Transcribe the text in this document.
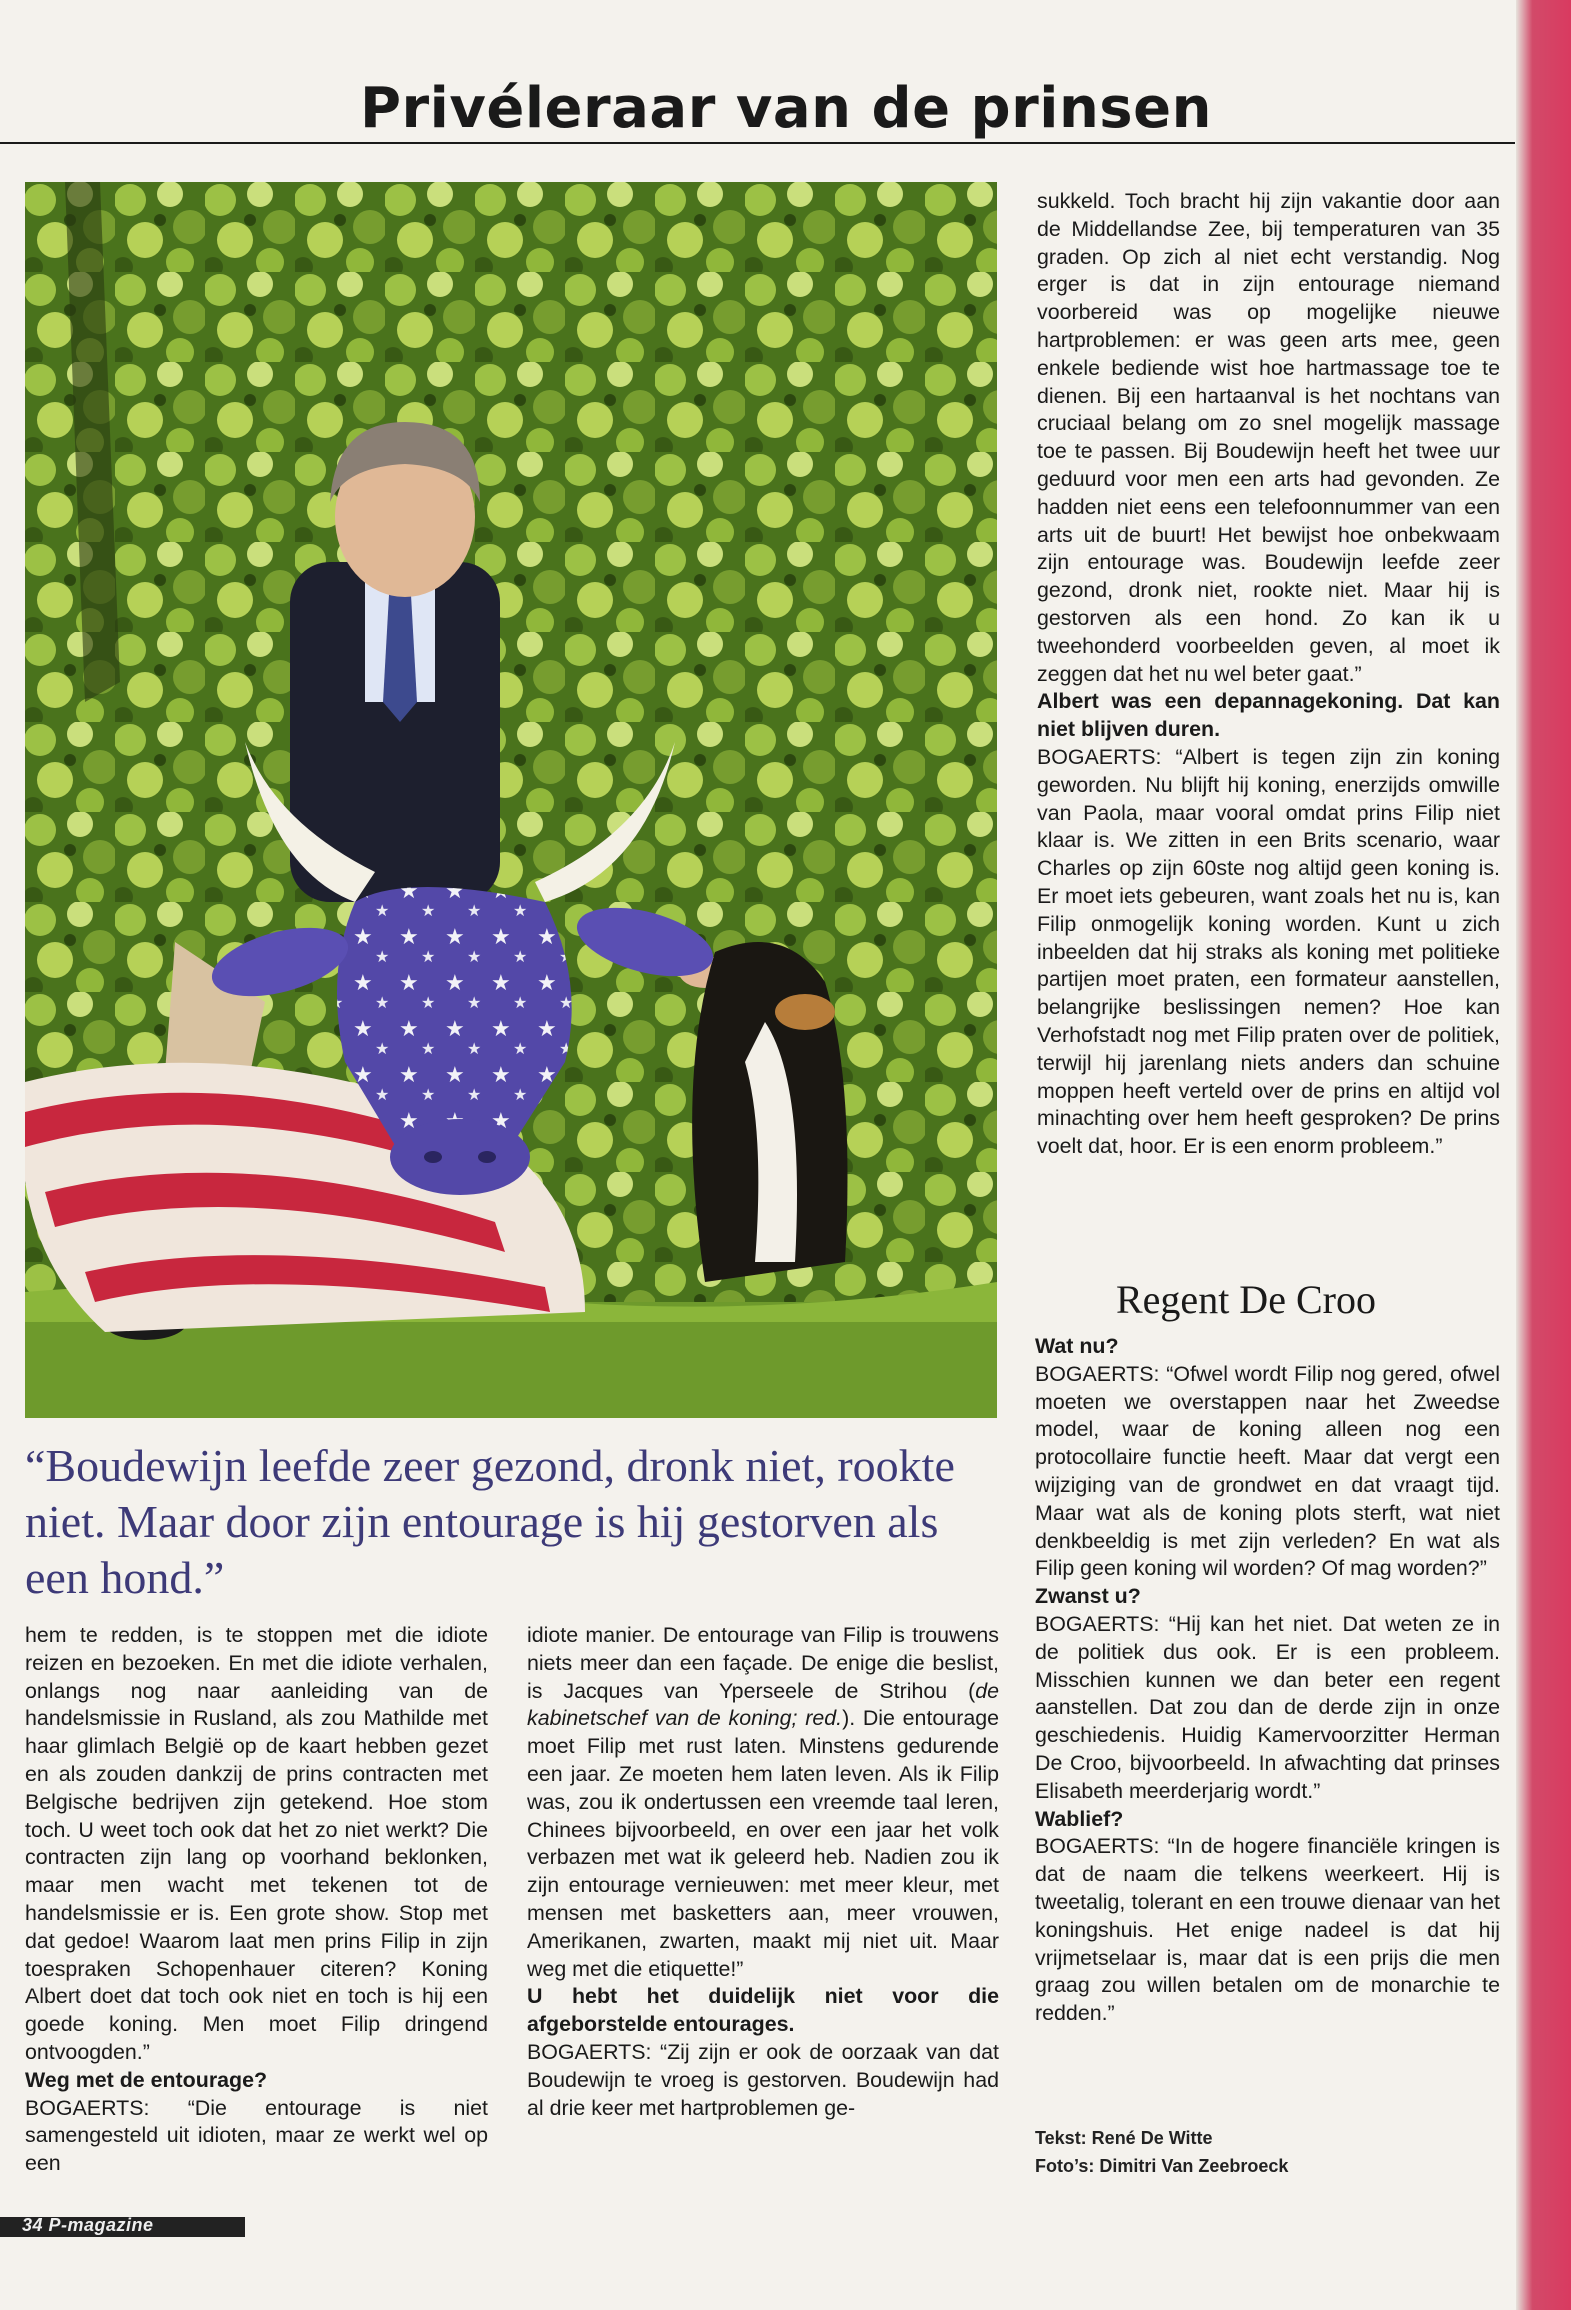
Privéleraar van de prinsen
“Boudewijn leefde zeer gezond, dronk niet, rookte niet. Maar door zijn entourage is hij gestorven als een hond.”

hem te redden, is te stoppen met die idiote reizen en bezoeken. En met die idiote verhalen, onlangs nog naar aanleiding van de handelsmissie in Rusland, als zou Mathilde met haar glimlach België op de kaart hebben gezet en als zouden dankzij de prins contracten met Belgische bedrijven zijn getekend. Hoe stom toch. U weet toch ook dat het zo niet werkt? Die contracten zijn lang op voorhand beklonken, maar men wacht met tekenen tot de handelsmissie er is. Een grote show. Stop met dat gedoe! Waarom laat men prins Filip in zijn toespraken Schopenhauer citeren? Koning Albert doet dat toch ook niet en toch is hij een goede koning. Men moet Filip dringend ontvoogden.”

Weg met de entourage?

BOGAERTS: “Die entourage is niet samengesteld uit idioten, maar ze werkt wel op een

idiote manier. De entourage van Filip is trouwens niets meer dan een façade. De enige die beslist, is Jacques van Yperseele de Strihou (de kabinetschef van de koning; red.). Die entourage moet Filip met rust laten. Minstens gedurende een jaar. Ze moeten hem laten leven. Als ik Filip was, zou ik ondertussen een vreemde taal leren, Chinees bijvoorbeeld, en over een jaar het volk verbazen met wat ik geleerd heb. Nadien zou ik zijn entourage vernieuwen: met meer kleur, met mensen met basketters aan, meer vrouwen, Amerikanen, zwarten, maakt mij niet uit. Maar weg met die etiquette!”

U hebt het duidelijk niet voor die afgeborstelde entourages.

BOGAERTS: “Zij zijn er ook de oorzaak van dat Boudewijn te vroeg is gestorven. Boudewijn had al drie keer met hartproblemen ge-

sukkeld. Toch bracht hij zijn vakantie door aan de Middellandse Zee, bij temperaturen van 35 graden. Op zich al niet echt verstandig. Nog erger is dat in zijn entourage niemand voorbereid was op mogelijke nieuwe hartproblemen: er was geen arts mee, geen enkele bediende wist hoe hartmassage toe te dienen. Bij een hartaanval is het nochtans van cruciaal belang om zo snel mogelijk massage toe te passen. Bij Boudewijn heeft het twee uur geduurd voor men een arts had gevonden. Ze hadden niet eens een telefoonnummer van een arts uit de buurt! Het bewijst hoe onbekwaam zijn entourage was. Boudewijn leefde zeer gezond, dronk niet, rookte niet. Maar hij is gestorven als een hond. Zo kan ik u tweehonderd voorbeelden geven, al moet ik zeggen dat het nu wel beter gaat.”

Albert was een depannagekoning. Dat kan niet blijven duren.

BOGAERTS: “Albert is tegen zijn zin koning geworden. Nu blijft hij koning, enerzijds omwille van Paola, maar vooral omdat prins Filip niet klaar is. We zitten in een Brits scenario, waar Charles op zijn 60ste nog altijd geen koning is. Er moet iets gebeuren, want zoals het nu is, kan Filip onmogelijk koning worden. Kunt u zich inbeelden dat hij straks als koning met politieke partijen moet praten, een formateur aanstellen, belangrijke beslissingen nemen? Hoe kan Verhofstadt nog met Filip praten over de politiek, terwijl hij jarenlang niets anders dan schuine moppen heeft verteld over de prins en altijd vol minachting over hem heeft gesproken? De prins voelt dat, hoor. Er is een enorm probleem.”

Regent De Croo

Wat nu?

BOGAERTS: “Ofwel wordt Filip nog gered, ofwel moeten we overstappen naar het Zweedse model, waar de koning alleen nog een protocollaire functie heeft. Maar dat vergt een wijziging van de grondwet en dat vraagt tijd. Maar wat als de koning plots sterft, wat niet denkbeeldig is met zijn verleden? En wat als Filip geen koning wil worden? Of mag worden?”

Zwanst u?

BOGAERTS: “Hij kan het niet. Dat weten ze in de politiek dus ook. Er is een probleem. Misschien kunnen we dan beter een regent aanstellen. Dat zou dan de derde zijn in onze geschiedenis. Huidig Kamervoorzitter Herman De Croo, bijvoorbeeld. In afwachting dat prinses Elisabeth meerderjarig wordt.”

Wablief?

BOGAERTS: “In de hogere financiële kringen is dat de naam die telkens weerkeert. Hij is tweetalig, tolerant en een trouwe dienaar van het koningshuis. Het enige nadeel is dat hij vrijmetselaar is, maar dat is een prijs die men graag zou willen betalen om de monarchie te redden.”

Tekst: René De Witte
Foto’s: Dimitri Van Zeebroeck
34 P-magazine
